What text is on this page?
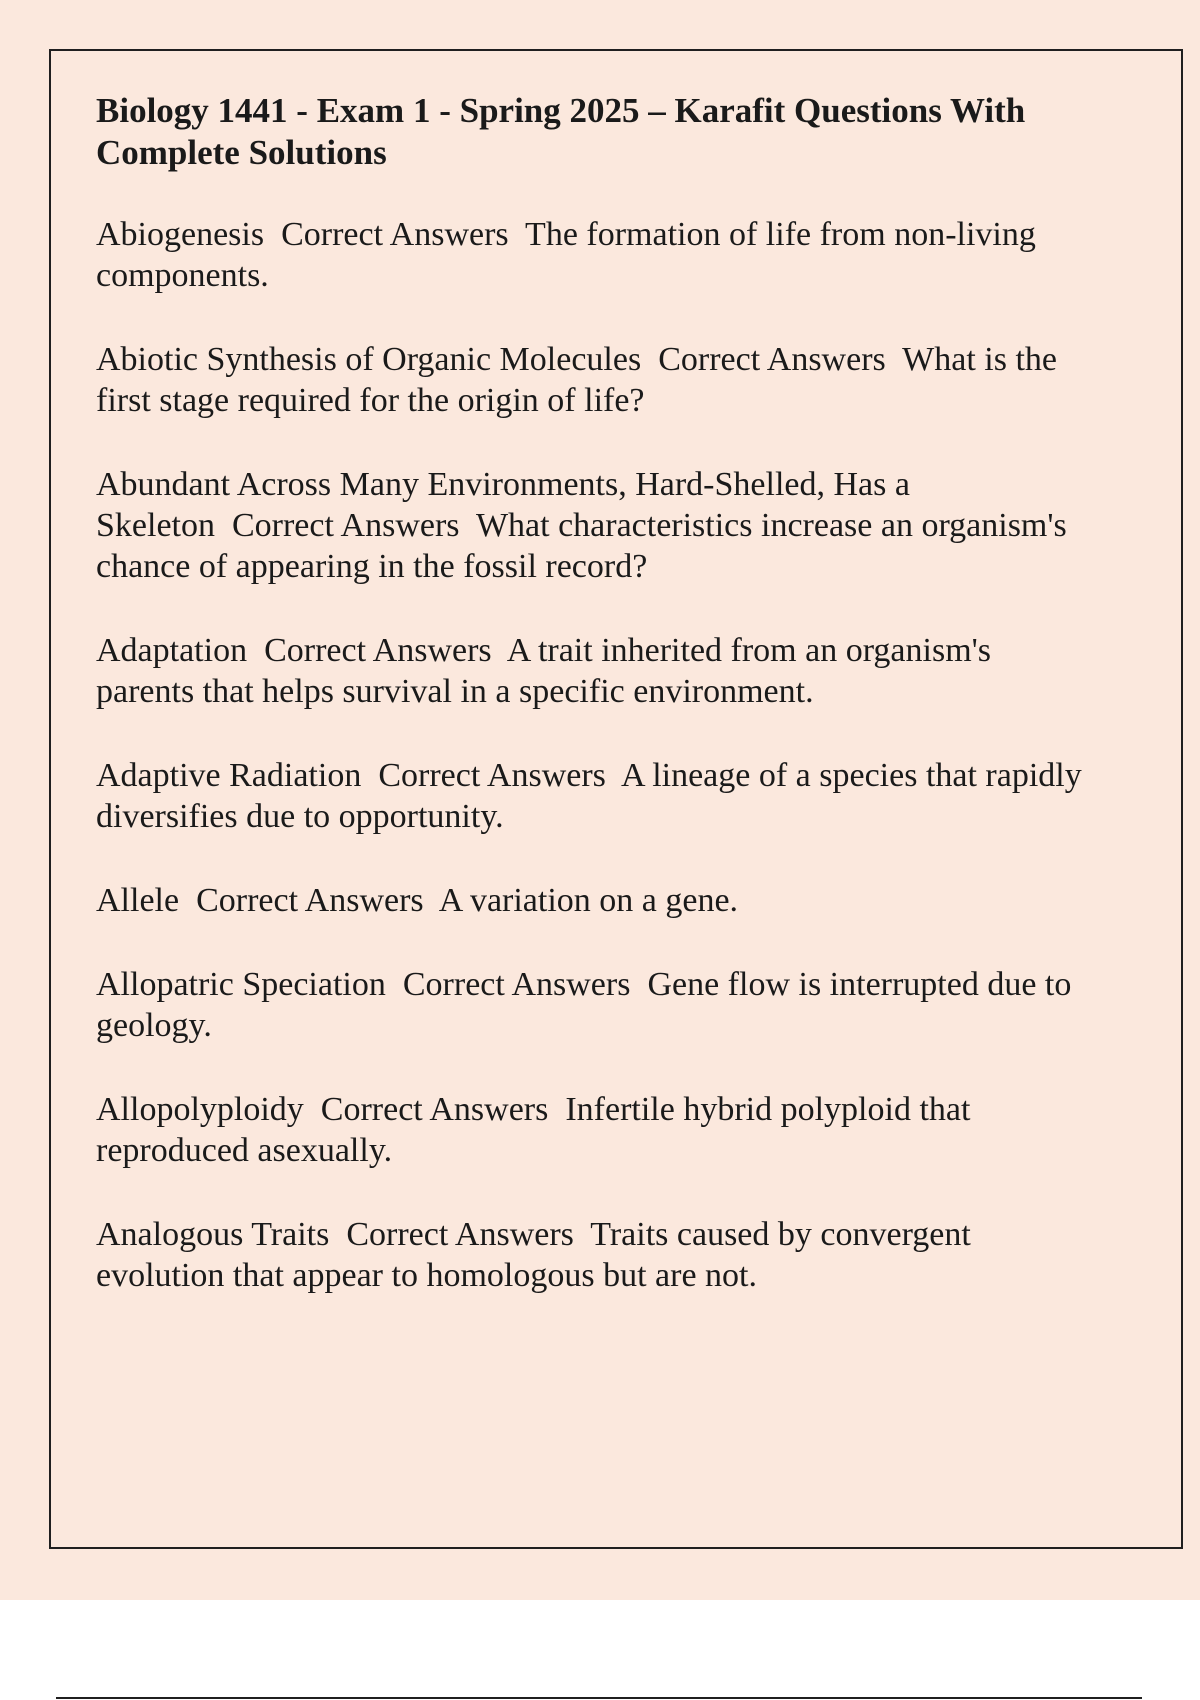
Biology 1441 - Exam 1 - Spring 2025 – Karafit Questions With Complete Solutions
Abiogenesis Correct Answers The formation of life from non-living components.
Abiotic Synthesis of Organic Molecules Correct Answers What is the first stage required for the origin of life?
Abundant Across Many Environments, Hard-Shelled, Has a Skeleton Correct Answers What characteristics increase an organism's chance of appearing in the fossil record?
Adaptation Correct Answers A trait inherited from an organism's parents that helps survival in a specific environment.
Adaptive Radiation Correct Answers A lineage of a species that rapidly diversifies due to opportunity.
Allele Correct Answers A variation on a gene.
Allopatric Speciation Correct Answers Gene flow is interrupted due to geology.
Allopolyploidy Correct Answers Infertile hybrid polyploid that reproduced asexually.
Analogous Traits Correct Answers Traits caused by convergent evolution that appear to homologous but are not.
